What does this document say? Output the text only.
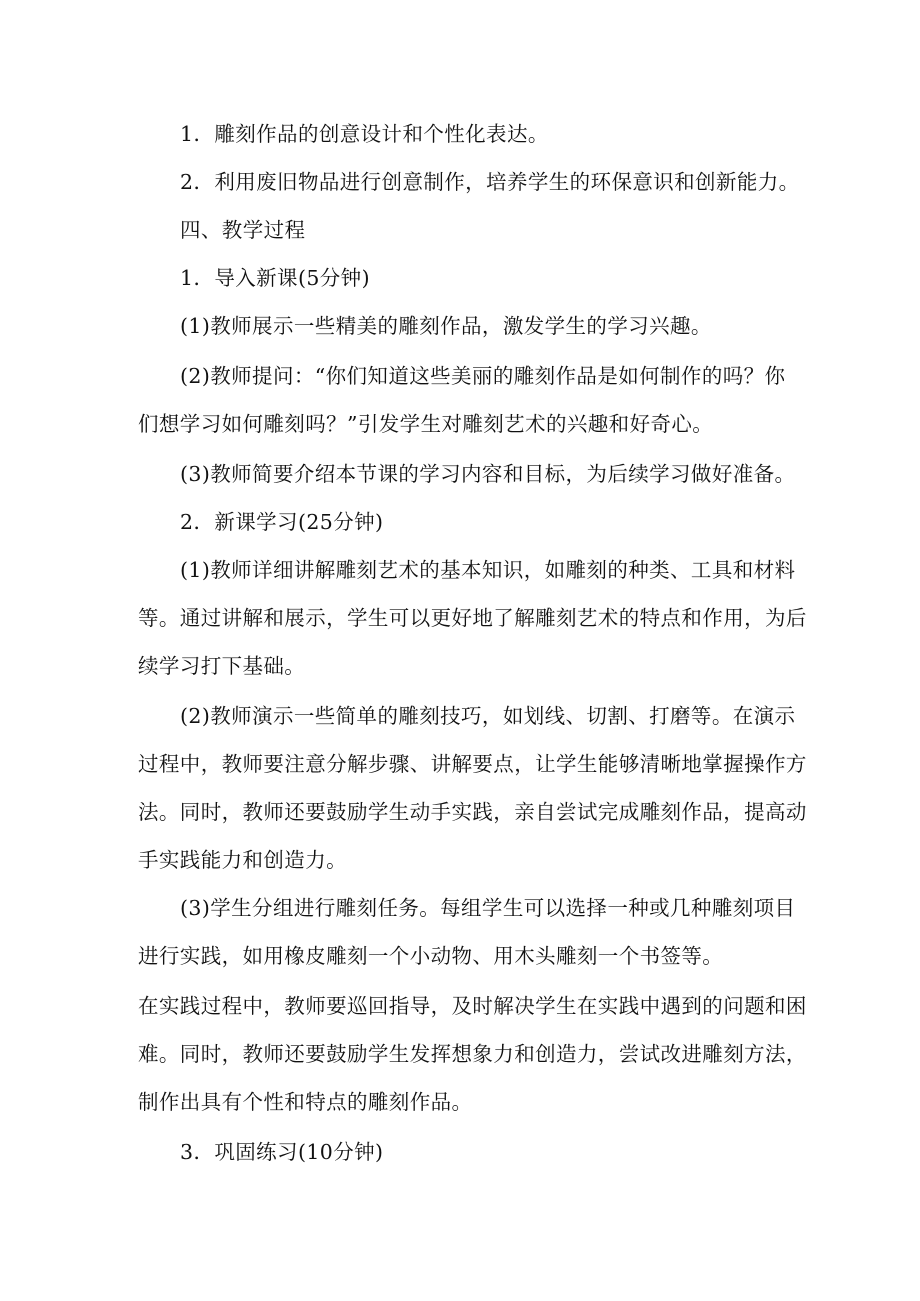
1．雕刻作品的创意设计和个性化表达。

2．利用废旧物品进行创意制作，培养学生的环保意识和创新能力。

四、教学过程

1．导入新课(5分钟)

(1)教师展示一些精美的雕刻作品，激发学生的学习兴趣。

(2)教师提问：“你们知道这些美丽的雕刻作品是如何制作的吗？你
们想学习如何雕刻吗？”引发学生对雕刻艺术的兴趣和好奇心。

(3)教师简要介绍本节课的学习内容和目标，为后续学习做好准备。

2．新课学习(25分钟)

(1)教师详细讲解雕刻艺术的基本知识，如雕刻的种类、工具和材料
等。通过讲解和展示，学生可以更好地了解雕刻艺术的特点和作用，为后
续学习打下基础。

(2)教师演示一些简单的雕刻技巧，如划线、切割、打磨等。在演示
过程中，教师要注意分解步骤、讲解要点，让学生能够清晰地掌握操作方
法。同时，教师还要鼓励学生动手实践，亲自尝试完成雕刻作品，提高动
手实践能力和创造力。

(3)学生分组进行雕刻任务。每组学生可以选择一种或几种雕刻项目
进行实践，如用橡皮雕刻一个小动物、用木头雕刻一个书签等。

在实践过程中，教师要巡回指导，及时解决学生在实践中遇到的问题和困
难。同时，教师还要鼓励学生发挥想象力和创造力，尝试改进雕刻方法，
制作出具有个性和特点的雕刻作品。

3．巩固练习(10分钟)
